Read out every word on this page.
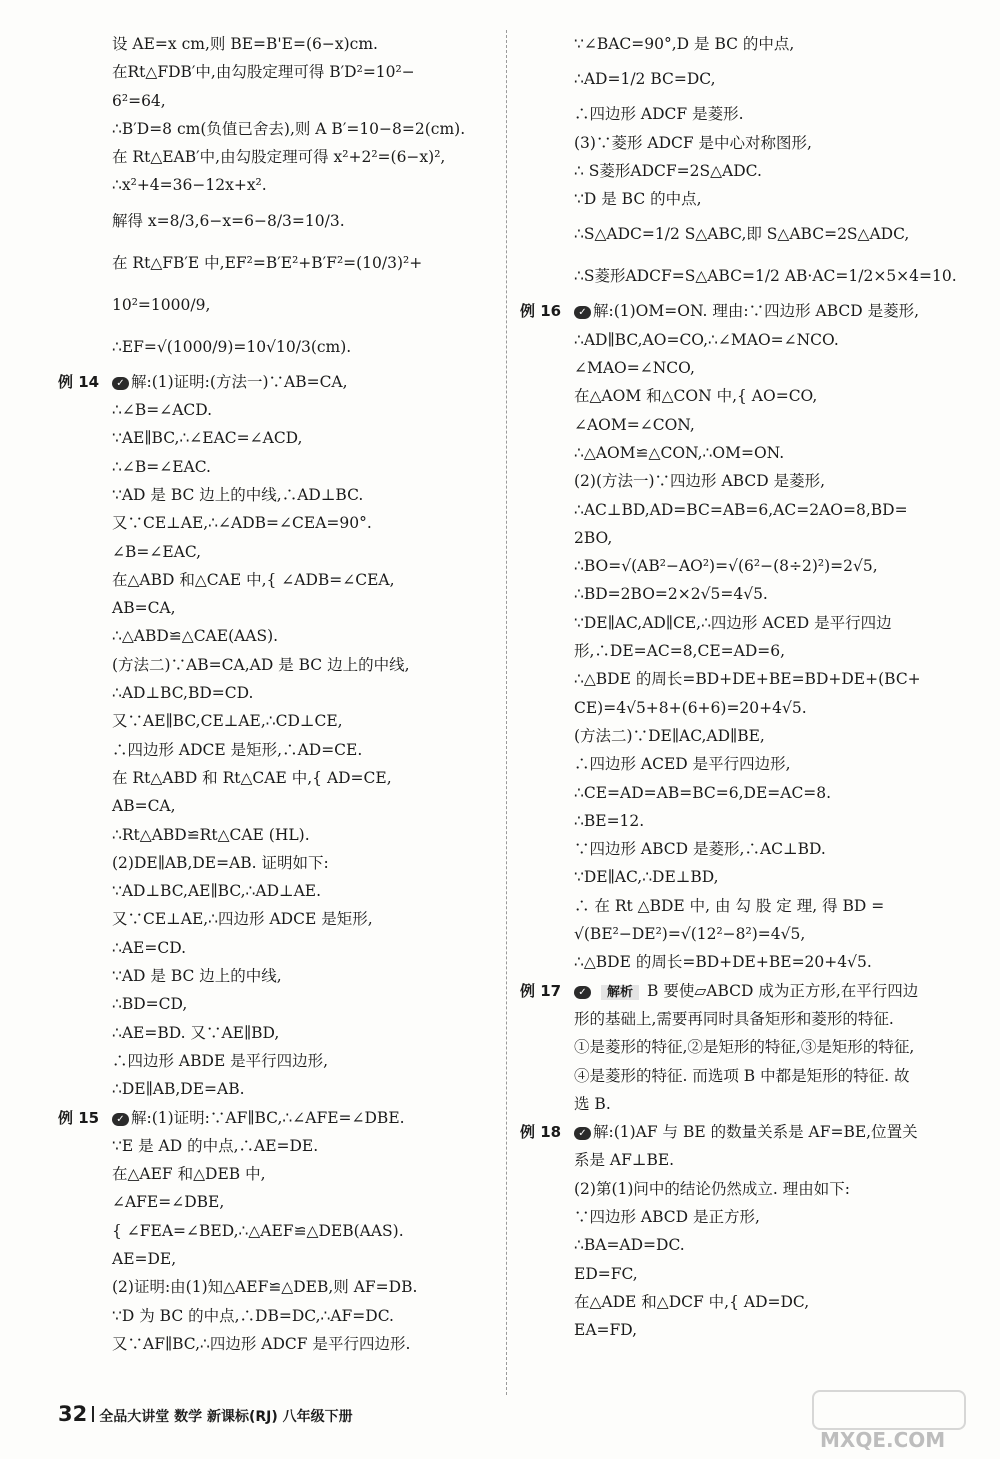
设 AE=x cm,则 BE=B'E=(6−x)cm.
在Rt△FDB′中,由勾股定理可得 B′D²=10²−
6²=64,
∴B′D=8 cm(负值已舍去),则 A B′=10−8=2(cm).
在 Rt△EAB′中,由勾股定理可得 x²+2²=(6−x)²,
∴x²+4=36−12x+x².
解得 x=8/3,6−x=6−8/3=10/3.
在 Rt△FB′E 中,EF²=B′E²+B′F²=(10/3)²+
10²=1000/9,
∴EF=√(1000/9)=10√10/3(cm).
例 14 ✓ 解:(1)证明:(方法一)∵AB=CA,
∴∠B=∠ACD.
∵AE∥BC,∴∠EAC=∠ACD,
∴∠B=∠EAC.
∵AD 是 BC 边上的中线,∴AD⊥BC.
又∵CE⊥AE,∴∠ADB=∠CEA=90°.
∠B=∠EAC,
在△ABD 和△CAE 中,{ ∠ADB=∠CEA,
AB=CA,
∴△ABD≌△CAE(AAS).
(方法二)∵AB=CA,AD 是 BC 边上的中线,
∴AD⊥BC,BD=CD.
又∵AE∥BC,CE⊥AE,∴CD⊥CE,
∴四边形 ADCE 是矩形,∴AD=CE.
在 Rt△ABD 和 Rt△CAE 中,{ AD=CE,
AB=CA,
∴Rt△ABD≌Rt△CAE (HL).
(2)DE∥AB,DE=AB. 证明如下:
∵AD⊥BC,AE∥BC,∴AD⊥AE.
又∵CE⊥AE,∴四边形 ADCE 是矩形,
∴AE=CD.
∵AD 是 BC 边上的中线,
∴BD=CD,
∴AE=BD. 又∵AE∥BD,
∴四边形 ABDE 是平行四边形,
∴DE∥AB,DE=AB.
例 15 ✓ 解:(1)证明:∵AF∥BC,∴∠AFE=∠DBE.
∵E 是 AD 的中点,∴AE=DE.
在△AEF 和△DEB 中,
∠AFE=∠DBE,
{ ∠FEA=∠BED,∴△AEF≌△DEB(AAS).
AE=DE,
(2)证明:由(1)知△AEF≌△DEB,则 AF=DB.
∵D 为 BC 的中点,∴DB=DC,∴AF=DC.
又∵AF∥BC,∴四边形 ADCF 是平行四边形.
∵∠BAC=90°,D 是 BC 的中点,
∴AD=1/2 BC=DC,
∴四边形 ADCF 是菱形.
(3)∵菱形 ADCF 是中心对称图形,
∴ S菱形ADCF=2S△ADC.
∵D 是 BC 的中点,
∴S△ADC=1/2 S△ABC,即 S△ABC=2S△ADC,
∴S菱形ADCF=S△ABC=1/2 AB·AC=1/2×5×4=10.
例 16 ✓ 解:(1)OM=ON. 理由:∵四边形 ABCD 是菱形,
∴AD∥BC,AO=CO,∴∠MAO=∠NCO.
∠MAO=∠NCO,
在△AOM 和△CON 中,{ AO=CO,
∠AOM=∠CON,
∴△AOM≌△CON,∴OM=ON.
(2)(方法一)∵四边形 ABCD 是菱形,
∴AC⊥BD,AD=BC=AB=6,AC=2AO=8,BD=
2BO,
∴BO=√(AB²−AO²)=√(6²−(8÷2)²)=2√5,
∴BD=2BO=2×2√5=4√5.
∵DE∥AC,AD∥CE,∴四边形 ACED 是平行四边
形,∴DE=AC=8,CE=AD=6,
∴△BDE 的周长=BD+DE+BE=BD+DE+(BC+
CE)=4√5+8+(6+6)=20+4√5.
(方法二)∵DE∥AC,AD∥BE,
∴四边形 ACED 是平行四边形,
∴CE=AD=AB=BC=6,DE=AC=8.
∴BE=12.
∵四边形 ABCD 是菱形,∴AC⊥BD.
∵DE∥AC,∴DE⊥BD,
∴ 在 Rt △BDE 中, 由 勾 股 定 理, 得 BD =
√(BE²−DE²)=√(12²−8²)=4√5,
∴△BDE 的周长=BD+DE+BE=20+4√5.
例 17 ✓ 解析 B 要使▱ABCD 成为正方形,在平行四边
形的基础上,需要再同时具备矩形和菱形的特征.
①是菱形的特征,②是矩形的特征,③是矩形的特征,
④是菱形的特征. 而选项 B 中都是矩形的特征. 故
选 B.
例 18 ✓ 解:(1)AF 与 BE 的数量关系是 AF=BE,位置关
系是 AF⊥BE.
(2)第(1)问中的结论仍然成立. 理由如下:
∵四边形 ABCD 是正方形,
∴BA=AD=DC.
ED=FC,
在△ADE 和△DCF 中,{ AD=DC,
EA=FD,
32 全品大讲堂 数学 新课标(RJ) 八年级下册
MXQE.COM
